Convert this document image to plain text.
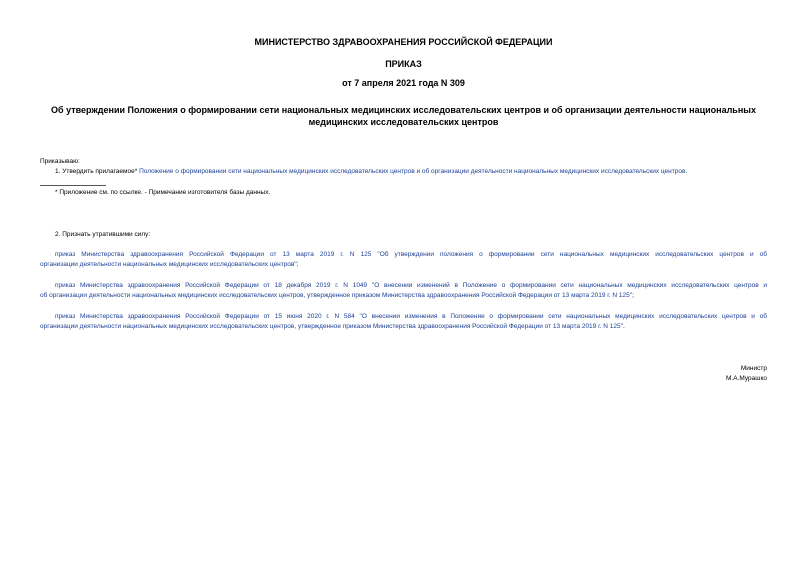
МИНИСТЕРСТВО ЗДРАВООХРАНЕНИЯ РОССИЙСКОЙ ФЕДЕРАЦИИ
ПРИКАЗ
от 7 апреля 2021 года N 309
Об утверждении Положения о формировании сети национальных медицинских исследовательских центров и об организации деятельности национальных
медицинских исследовательских центров
Приказываю:
1. Утвердить прилагаемое* Положение о формировании сети национальных медицинских исследовательских центров и об организации деятельности национальных медицинских исследовательских центров.
* Приложение см. по ссылке. - Примечание изготовителя базы данных.
2. Признать утратившими силу:
приказ Министерства здравоохранения Российской Федерации от 13 марта 2019 г. N 125 "Об утверждении положения о формировании сети национальных медицинских исследовательских центров и об
организации деятельности национальных медицинских исследовательских центров";
приказ Министерства здравоохранения Российской Федерации от 18 декабря 2019 г. N 1049 "О внесении изменений в Положение о формировании сети национальных медицинских исследовательских центров и
об организации деятельности национальных медицинских исследовательских центров, утвержденное приказом Министерства здравоохранения Российской Федерации от 13 марта 2019 г. N 125";
приказ Министерства здравоохранения Российской Федерации от 15 июня 2020 г. N 584 "О внесении изменения в Положение о формировании сети национальных медицинских исследовательских центров и об
организации деятельности национальных медицинских исследовательских центров, утвержденное приказом Министерства здравоохранения Российской Федерации от 13 марта 2019 г. N 125".
Министр
М.А.Мурашко
